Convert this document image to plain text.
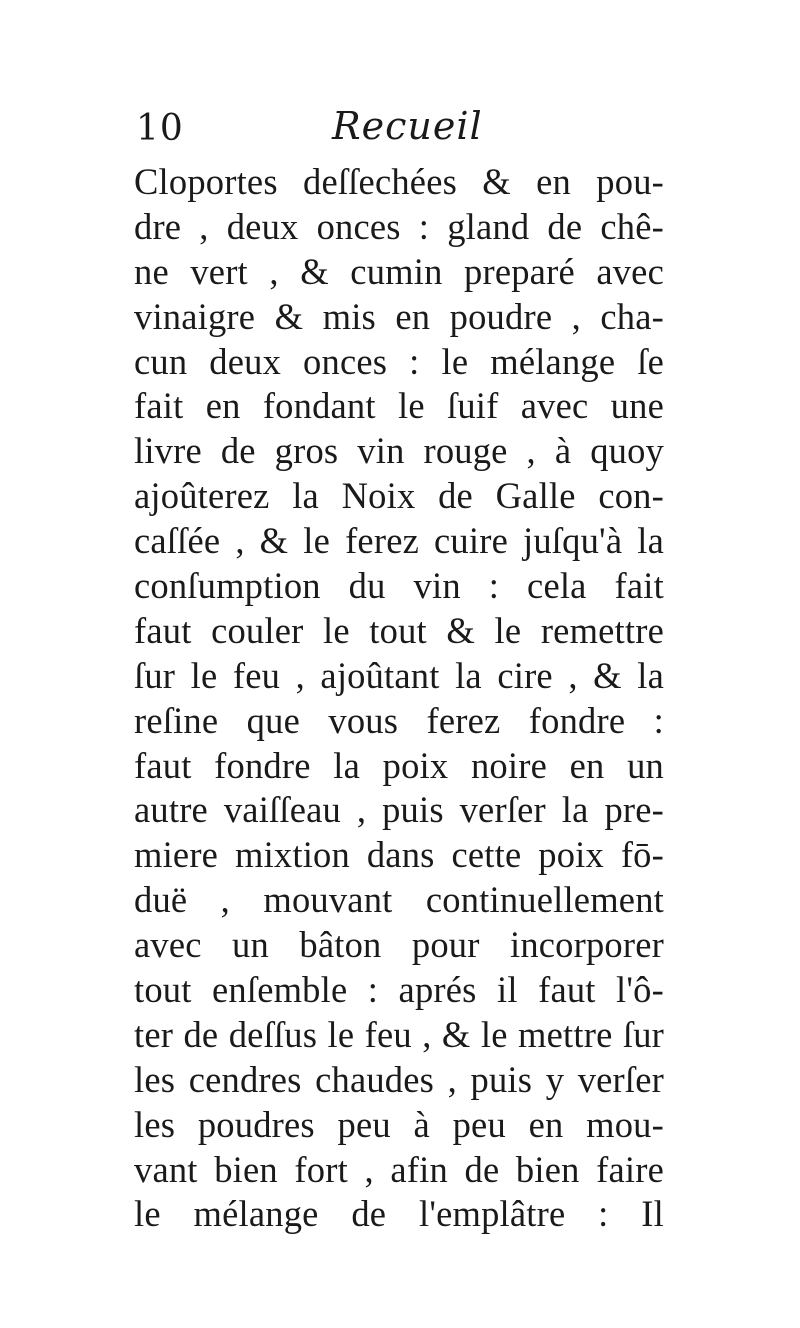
10	Recueil
Cloportes deſſechées & en pou-
dre , deux onces : gland de chê-
ne vert , & cumin preparé avec
vinaigre & mis en poudre , cha-
cun deux onces : le mélange ſe
fait en fondant le ſuif avec une
livre de gros vin rouge , à quoy
ajoûterez la Noix de Galle con-
caſſée , & le ferez cuire juſqu'à la
conſumption du vin : cela fait
faut couler le tout & le remettre
ſur le feu , ajoûtant la cire , & la
reſine que vous ferez fondre :
faut fondre la poix noire en un
autre vaiſſeau , puis verſer la pre-
miere mixtion dans cette poix fō-
duë , mouvant continuellement
avec un bâton pour incorporer
tout enſemble : aprés il faut l'ô-
ter de deſſus le feu , & le mettre ſur
les cendres chaudes , puis y verſer
les poudres peu à peu en mou-
vant bien fort , afin de bien faire
le mélange de l'emplâtre : Il
